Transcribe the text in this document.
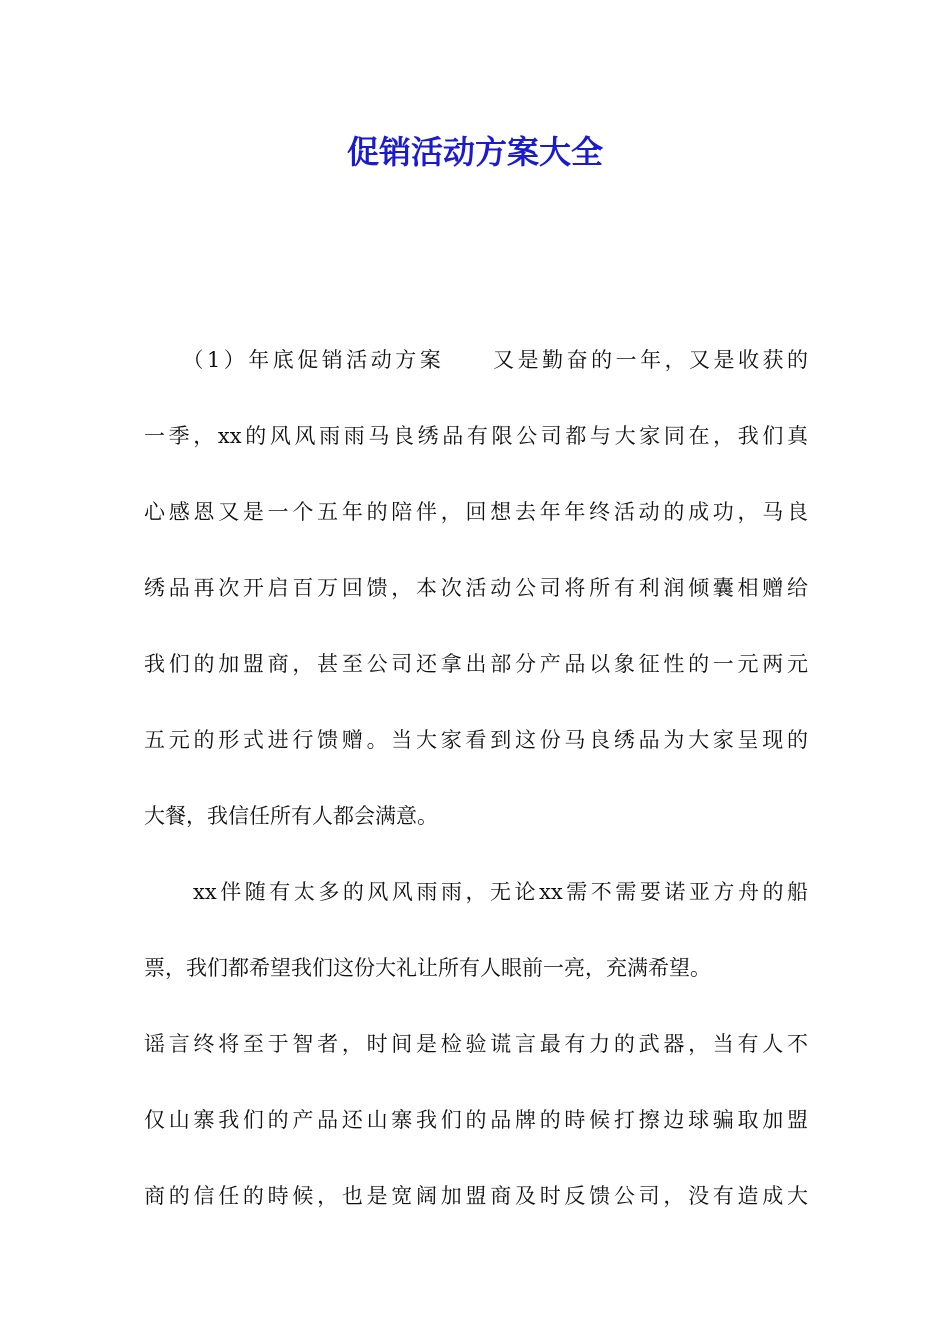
促销活动方案大全
　　（1）年底促销活动方案　　又是勤奋的一年，又是收获的
一季，xx的风风雨雨马良绣品有限公司都与大家同在，我们真
心感恩又是一个五年的陪伴，回想去年年终活动的成功，马良
绣品再次开启百万回馈，本次活动公司将所有利润倾囊相赠给
我们的加盟商，甚至公司还拿出部分产品以象征性的一元两元
五元的形式进行馈赠。当大家看到这份马良绣品为大家呈现的
大餐，我信任所有人都会满意。
　　xx伴随有太多的风风雨雨，无论xx需不需要诺亚方舟的船
票，我们都希望我们这份大礼让所有人眼前一亮，充满希望。
谣言终将至于智者，时间是检验谎言最有力的武器，当有人不
仅山寨我们的产品还山寨我们的品牌的時候打擦边球骗取加盟
商的信任的時候，也是宽阔加盟商及时反馈公司，没有造成大
